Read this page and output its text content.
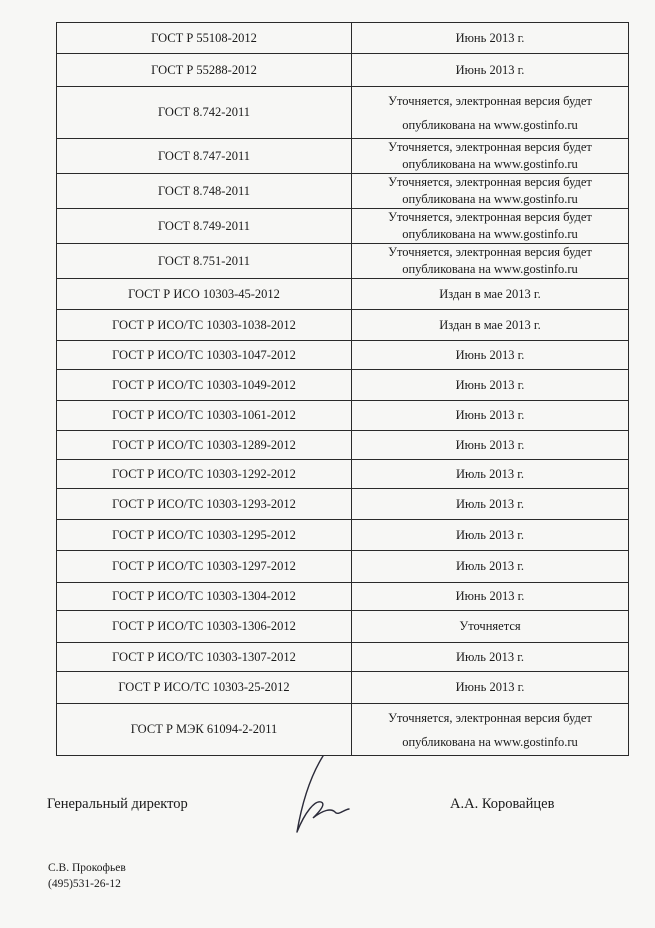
ГОСТ Р 55108-2012	Июнь 2013 г.
ГОСТ Р 55288-2012	Июнь 2013 г.
ГОСТ 8.742-2011	Уточняется, электронная версия будет опубликована на www.gostinfo.ru
ГОСТ 8.747-2011	Уточняется, электронная версия будет опубликована на www.gostinfo.ru
ГОСТ 8.748-2011	Уточняется, электронная версия будет опубликована на www.gostinfo.ru
ГОСТ 8.749-2011	Уточняется, электронная версия будет опубликована на www.gostinfo.ru
ГОСТ 8.751-2011	Уточняется, электронная версия будет опубликована на www.gostinfo.ru
ГОСТ Р ИСО 10303-45-2012	Издан в мае 2013 г.
ГОСТ Р ИСО/ТС 10303-1038-2012	Издан в мае 2013 г.
ГОСТ Р ИСО/ТС 10303-1047-2012	Июнь 2013 г.
ГОСТ Р ИСО/ТС 10303-1049-2012	Июнь 2013 г.
ГОСТ Р ИСО/ТС 10303-1061-2012	Июнь 2013 г.
ГОСТ Р ИСО/ТС 10303-1289-2012	Июнь 2013 г.
ГОСТ Р ИСО/ТС 10303-1292-2012	Июль 2013 г.
ГОСТ Р ИСО/ТС 10303-1293-2012	Июль 2013 г.
ГОСТ Р ИСО/ТС 10303-1295-2012	Июль 2013 г.
ГОСТ Р ИСО/ТС 10303-1297-2012	Июль 2013 г.
ГОСТ Р ИСО/ТС 10303-1304-2012	Июнь 2013 г.
ГОСТ Р ИСО/ТС 10303-1306-2012	Уточняется
ГОСТ Р ИСО/ТС 10303-1307-2012	Июль 2013 г.
ГОСТ Р ИСО/ТС 10303-25-2012	Июнь 2013 г.
ГОСТ Р МЭК 61094-2-2011	Уточняется, электронная версия будет опубликована на www.gostinfo.ru
Генеральный директор	А.А. Коровайцев
С.В. Прокофьев
(495)531-26-12
